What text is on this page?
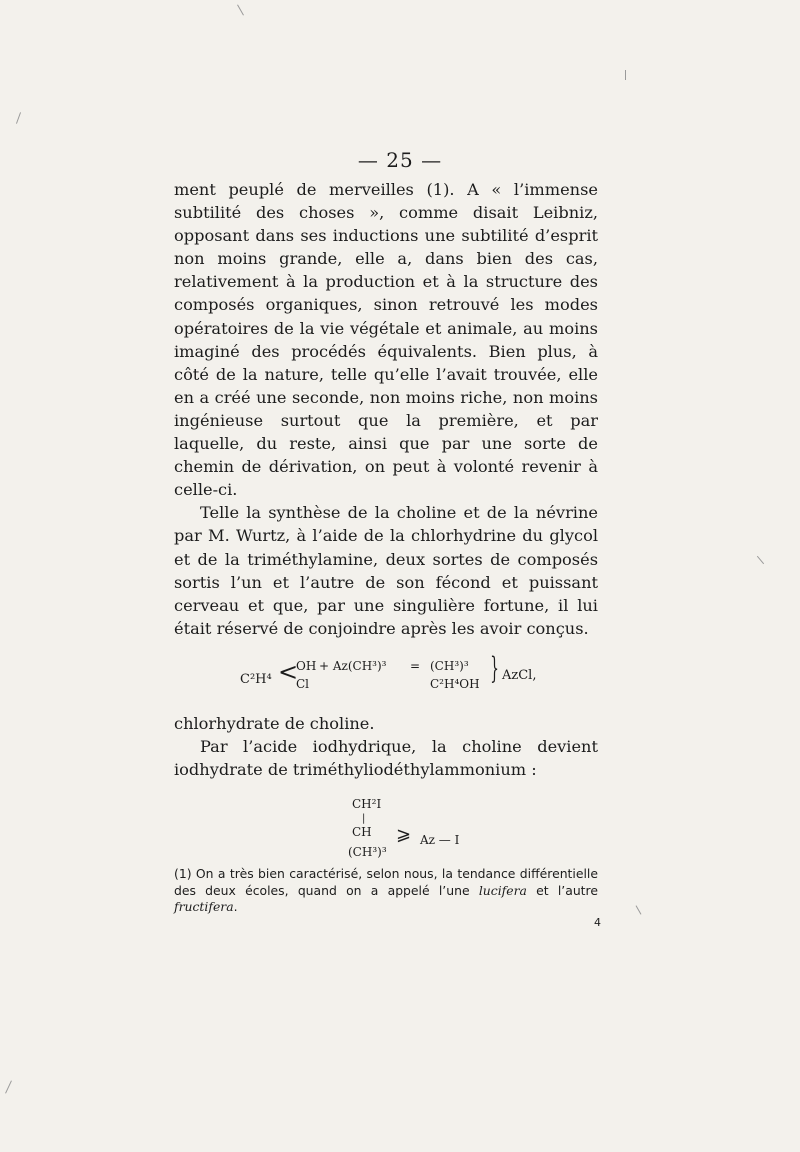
— 25 —

ment peuplé de merveilles (1). A « l’immense subtilité des choses », comme disait Leibniz, opposant dans ses inductions une subtilité d’esprit non moins grande, elle a, dans bien des cas, relativement à la production et à la structure des composés organiques, sinon retrouvé les modes opératoires de la vie végétale et animale, au moins imaginé des procédés équivalents. Bien plus, à côté de la nature, telle qu’elle l’avait trouvée, elle en a créé une seconde, non moins riche, non moins ingénieuse surtout que la première, et par laquelle, du reste, ainsi que par une sorte de chemin de dérivation, on peut à volonté revenir à celle-ci.

Telle la synthèse de la choline et de la névrine par M. Wurtz, à l’aide de la chlorhydrine du glycol et de la triméthylamine, deux sortes de composés sortis l’un et l’autre de son fécond et puissant cerveau et que, par une singulière fortune, il lui était réservé de conjoindre après les avoir conçus.

C²H⁴ <
OH
Cl
+ Az(CH³)³ = (CH³)³
C²H⁴OH } AzCl,

chlorhydrate de choline.

Par l’acide iodhydrique, la choline devient iodhydrate de triméthyliodéthylammonium :

CH²I
|
CH
(CH³)³
⩾ Az — I
(1) On a très bien caractérisé, selon nous, la tendance différentielle des deux écoles, quand on a appelé l’une lucifera et l’autre fructifera.
4
